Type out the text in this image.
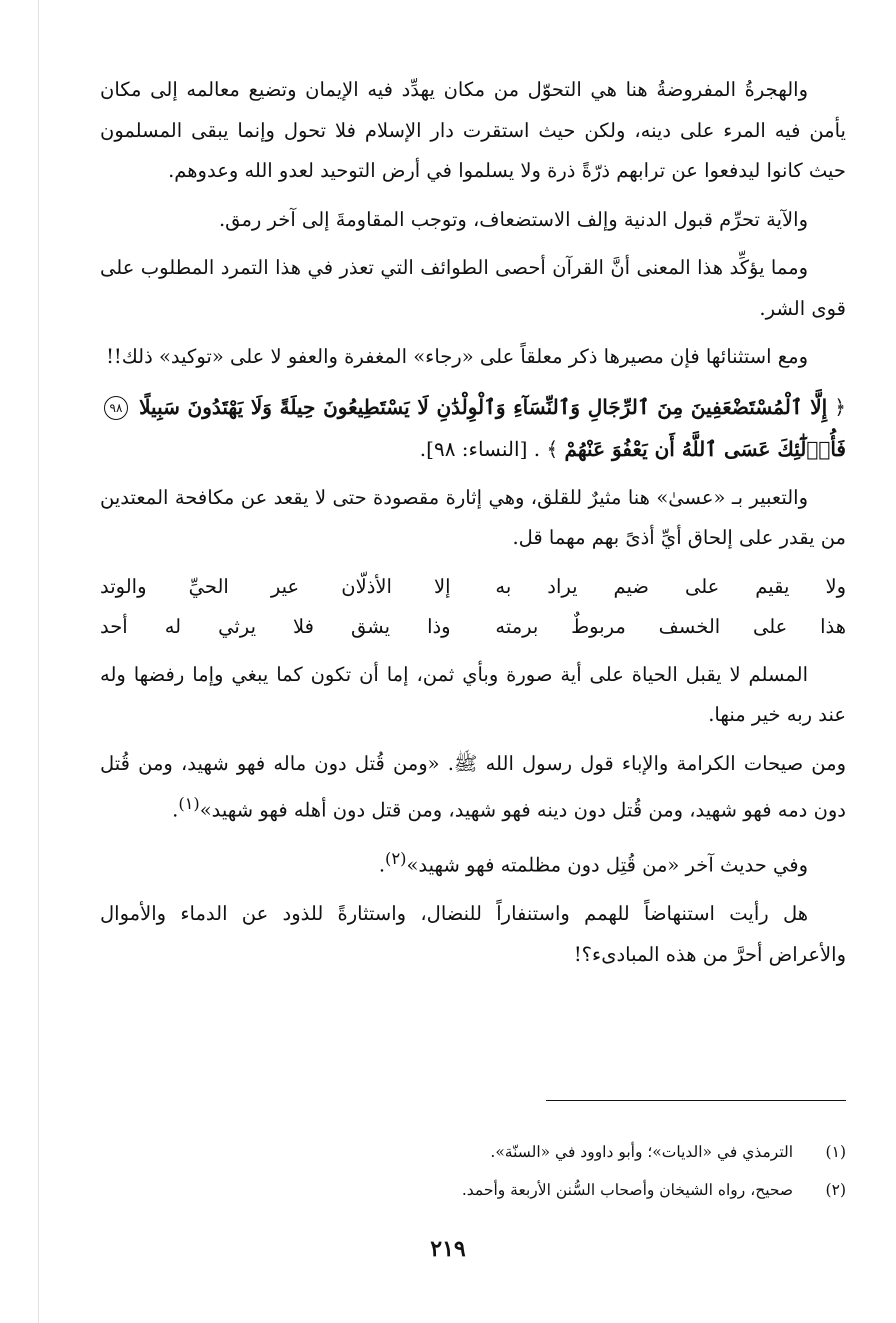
والهجرةُ المفروضةُ هنا هي التحوّل من مكان يهدِّد فيه الإيمان وتضيع معالمه إلى مكان يأمن فيه المرء على دينه، ولكن حيث استقرت دار الإسلام فلا تحول وإنما يبقى المسلمون حيث كانوا ليدفعوا عن ترابهم ذرّةً ذرة ولا يسلموا في أرض التوحيد لعدو الله وعدوهم.

والآية تحرِّم قبول الدنية وإلف الاستضعاف، وتوجب المقاومةَ إلى آخر رمق.

ومما يؤكِّد هذا المعنى أنَّ القرآن أحصى الطوائف التي تعذر في هذا التمرد المطلوب على قوى الشر.

ومع استثنائها فإن مصيرها ذكر معلقاً على «رجاء» المغفرة والعفو لا على «توكيد» ذلك!!

﴿ إِلَّا ٱلْمُسْتَضْعَفِينَ مِنَ ٱلرِّجَالِ وَٱلنِّسَآءِ وَٱلْوِلْدَٰنِ لَا يَسْتَطِيعُونَ حِيلَةً وَلَا يَهْتَدُونَ سَبِيلًا ٩٨ فَأُو۟لَٰٓئِكَ عَسَى ٱللَّهُ أَن يَعْفُوَ عَنْهُمْ ﴾ . [النساء: ٩٨].

والتعبير بـ «عسىٰ» هنا مثيرٌ للقلق، وهي إثارة مقصودة حتى لا يقعد عن مكافحة المعتدين من يقدر على إلحاق أيِّ أذىً بهم مهما قل.

ولا يقيم على ضيم يراد به
إلا الأذلّان عير الحيِّ والوتد
هذا على الخسف مربوطٌ برمته
وذا يشق فلا يرثي له أحد

المسلم لا يقبل الحياة على أية صورة وبأي ثمن، إما أن تكون كما يبغي وإما رفضها وله عند ربه خير منها.

ومن صيحات الكرامة والإباء قول رسول الله ﷺ. «ومن قُتل دون ماله فهو شهيد، ومن قُتل دون دمه فهو شهيد، ومن قُتل دون دينه فهو شهيد، ومن قتل دون أهله فهو شهيد»$^{(١)}$.

وفي حديث آخر «من قُتِل دون مظلمته فهو شهيد»$^{(٢)}$.

هل رأيت استنهاضاً للهمم واستنفاراً للنضال، واستثارةً للذود عن الدماء والأموال والأعراض أحرَّ من هذه المبادىء؟!

(١) الترمذي في «الديات»؛ وأبو داوود في «السنّة».

(٢) صحيح، رواه الشيخان وأصحاب السُّنن الأربعة وأحمد.

٢١٩
